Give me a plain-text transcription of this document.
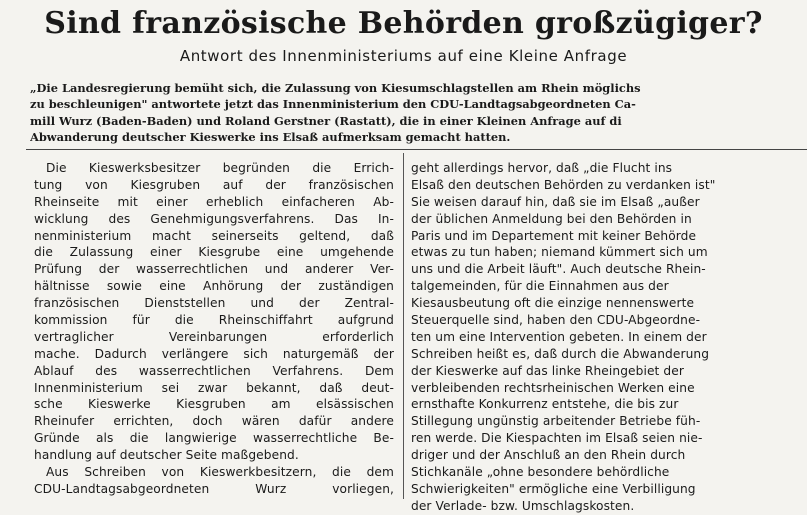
Sind französische Behörden großzügiger?
Antwort des Innenministeriums auf eine Kleine Anfrage
„Die Landesregierung bemüht sich, die Zulassung von Kiesumschlagstellen am Rhein möglichs
zu beschleunigen" antwortete jetzt das Innenministerium den CDU-Landtagsabgeordneten Ca-
mill Wurz (Baden-Baden) und Roland Gerstner (Rastatt), die in einer Kleinen Anfrage auf di
Abwanderung deutscher Kieswerke ins Elsaß aufmerksam gemacht hatten.
Die Kieswerksbesitzer begründen die Errich-
tung von Kiesgruben auf der französischen
Rheinseite mit einer erheblich einfacheren Ab-
wicklung des Genehmigungsverfahrens. Das In-
nenministerium macht seinerseits geltend, daß
die Zulassung einer Kiesgrube eine umgehende
Prüfung der wasserrechtlichen und anderer Ver-
hältnisse sowie eine Anhörung der zuständigen
französischen Dienststellen und der Zentral-
kommission für die Rheinschiffahrt aufgrund
vertraglicher Vereinbarungen erforderlich
mache. Dadurch verlängere sich naturgemäß der
Ablauf des wasserrechtlichen Verfahrens. Dem
Innenministerium sei zwar bekannt, daß deut-
sche Kieswerke Kiesgruben am elsässischen
Rheinufer errichten, doch wären dafür andere
Gründe als die langwierige wasserrechtliche Be-
handlung auf deutscher Seite maßgebend.
Aus Schreiben von Kieswerkbesitzern, die dem
CDU-Landtagsabgeordneten Wurz vorliegen,
geht allerdings hervor, daß „die Flucht ins
Elsaß den deutschen Behörden zu verdanken ist"
Sie weisen darauf hin, daß sie im Elsaß „außer
der üblichen Anmeldung bei den Behörden in
Paris und im Departement mit keiner Behörde
etwas zu tun haben; niemand kümmert sich um
uns und die Arbeit läuft". Auch deutsche Rhein-
talgemeinden, für die Einnahmen aus der
Kiesausbeutung oft die einzige nennenswerte
Steuerquelle sind, haben den CDU-Abgeordne-
ten um eine Intervention gebeten. In einem der
Schreiben heißt es, daß durch die Abwanderung
der Kieswerke auf das linke Rheingebiet der
verbleibenden rechtsrheinischen Werken eine
ernsthafte Konkurrenz entstehe, die bis zur
Stillegung ungünstig arbeitender Betriebe füh-
ren werde. Die Kiespachten im Elsaß seien nie-
driger und der Anschluß an den Rhein durch
Stichkanäle „ohne besondere behördliche
Schwierigkeiten" ermögliche eine Verbilligung
der Verlade- bzw. Umschlagskosten.
